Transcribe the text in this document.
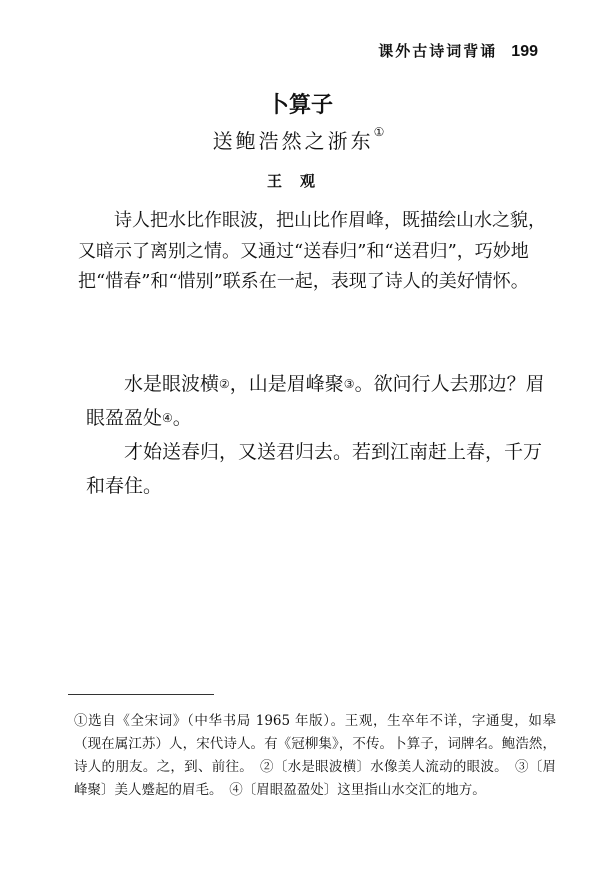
课外古诗词背诵 199
卜算子
送鲍浩然之浙东①
王观

诗人把水比作眼波，把山比作眉峰，既描绘山水之貌，又暗示了离别之情。又通过“送春归”和“送君归”，巧妙地把“惜春”和“惜别”联系在一起，表现了诗人的美好情怀。

水是眼波横②，山是眉峰聚③。欲问行人去那边？眉眼盈盈处④。

才始送春归，又送君归去。若到江南赶上春，千万和春住。

①选自《全宋词》（中华书局 1965 年版）。王观，生卒年不详，字通叟，如皋（现在属江苏）人，宋代诗人。有《冠柳集》，不传。卜算子，词牌名。鲍浩然，诗人的朋友。之，到、前往。　②〔水是眼波横〕水像美人流动的眼波。　③〔眉峰聚〕美人蹙起的眉毛。　④〔眉眼盈盈处〕这里指山水交汇的地方。
